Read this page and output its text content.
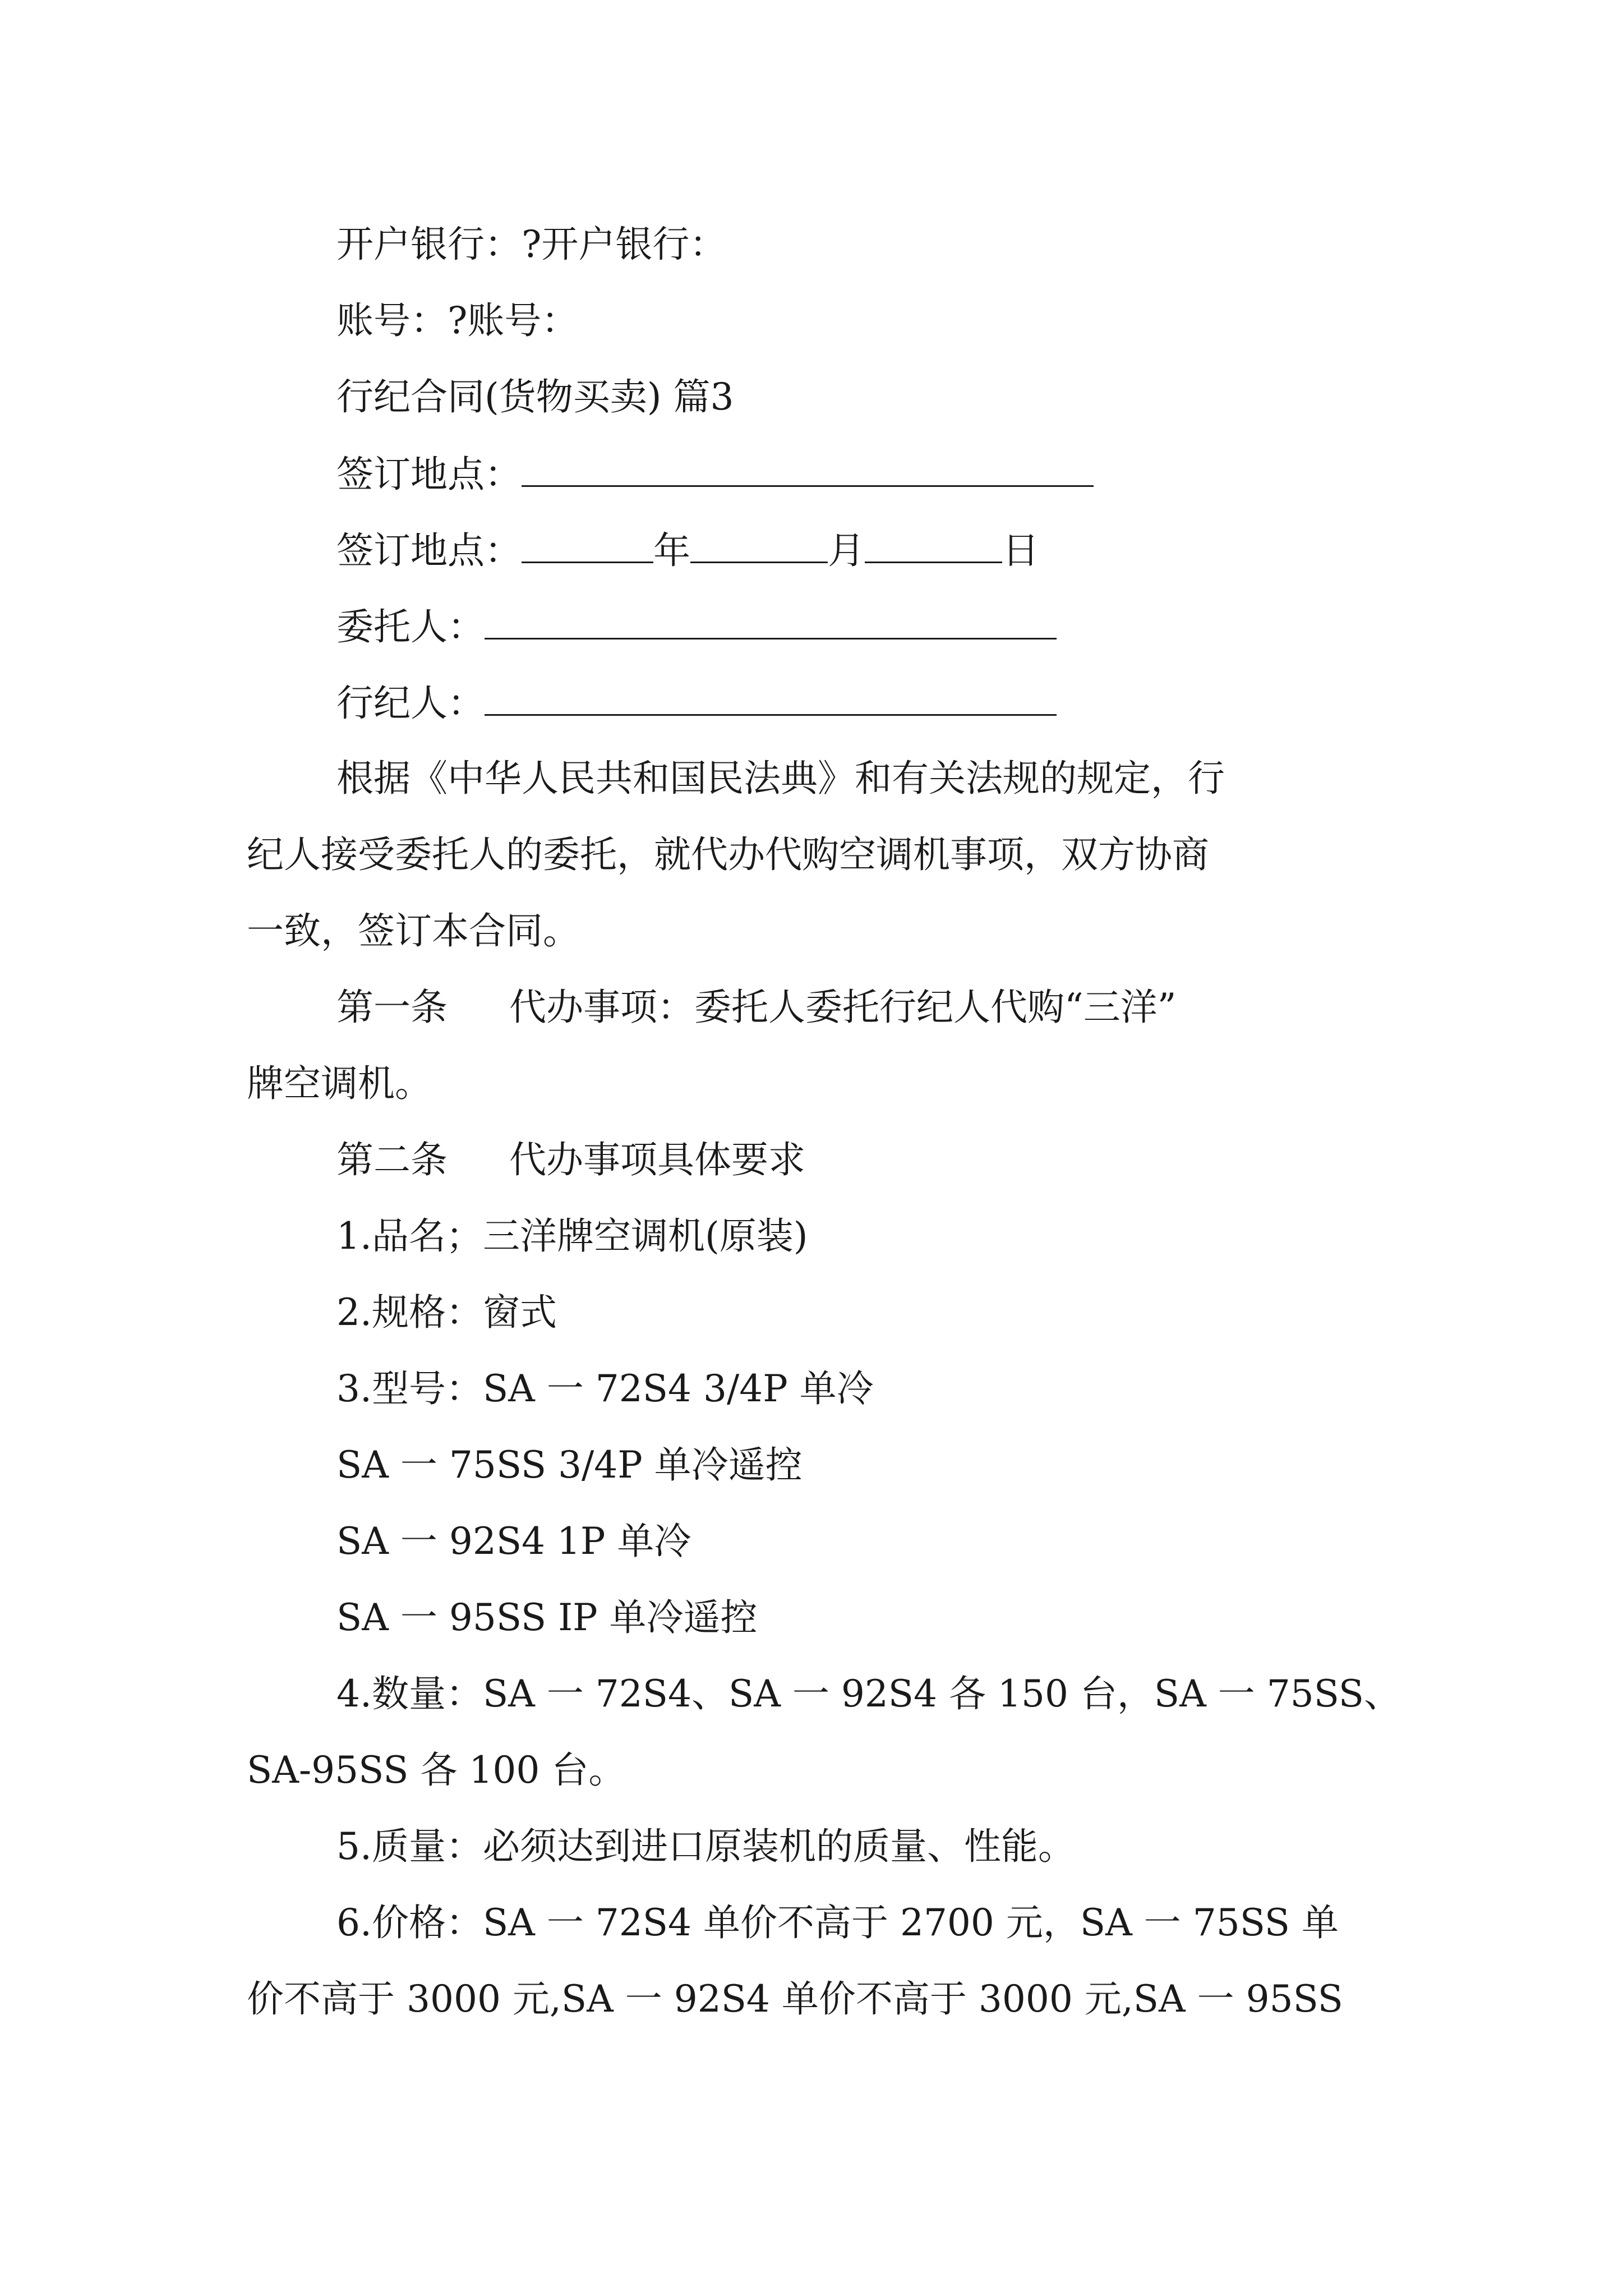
开户银行：?开户银行：

账号：?账号：

行纪合同(货物买卖) 篇3

签订地点：

签订地点：	年	月	日

委托人：

行纪人：

根据《中华人民共和国民法典》和有关法规的规定，行

纪人接受委托人的委托，就代办代购空调机事项，双方协商

一致，签订本合同。

第一条 代办事项：委托人委托行纪人代购“三洋”

牌空调机。

第二条 代办事项具体要求

1.品名；三洋牌空调机(原装)

2.规格：窗式

3.型号：SA 一 72S4 3/4P 单冷

SA 一 75SS 3/4P 单冷遥控

SA 一 92S4 1P 单冷

SA 一 95SS IP 单冷遥控

4.数量：SA 一 72S4、SA 一 92S4 各 150 台，SA 一 75SS、

SA-95SS 各 100 台。

5.质量：必须达到进口原装机的质量、性能。

6.价格：SA 一 72S4 单价不高于 2700 元，SA 一 75SS 单

价不高于 3000 元,SA 一 92S4 单价不高于 3000 元,SA 一 95SS
